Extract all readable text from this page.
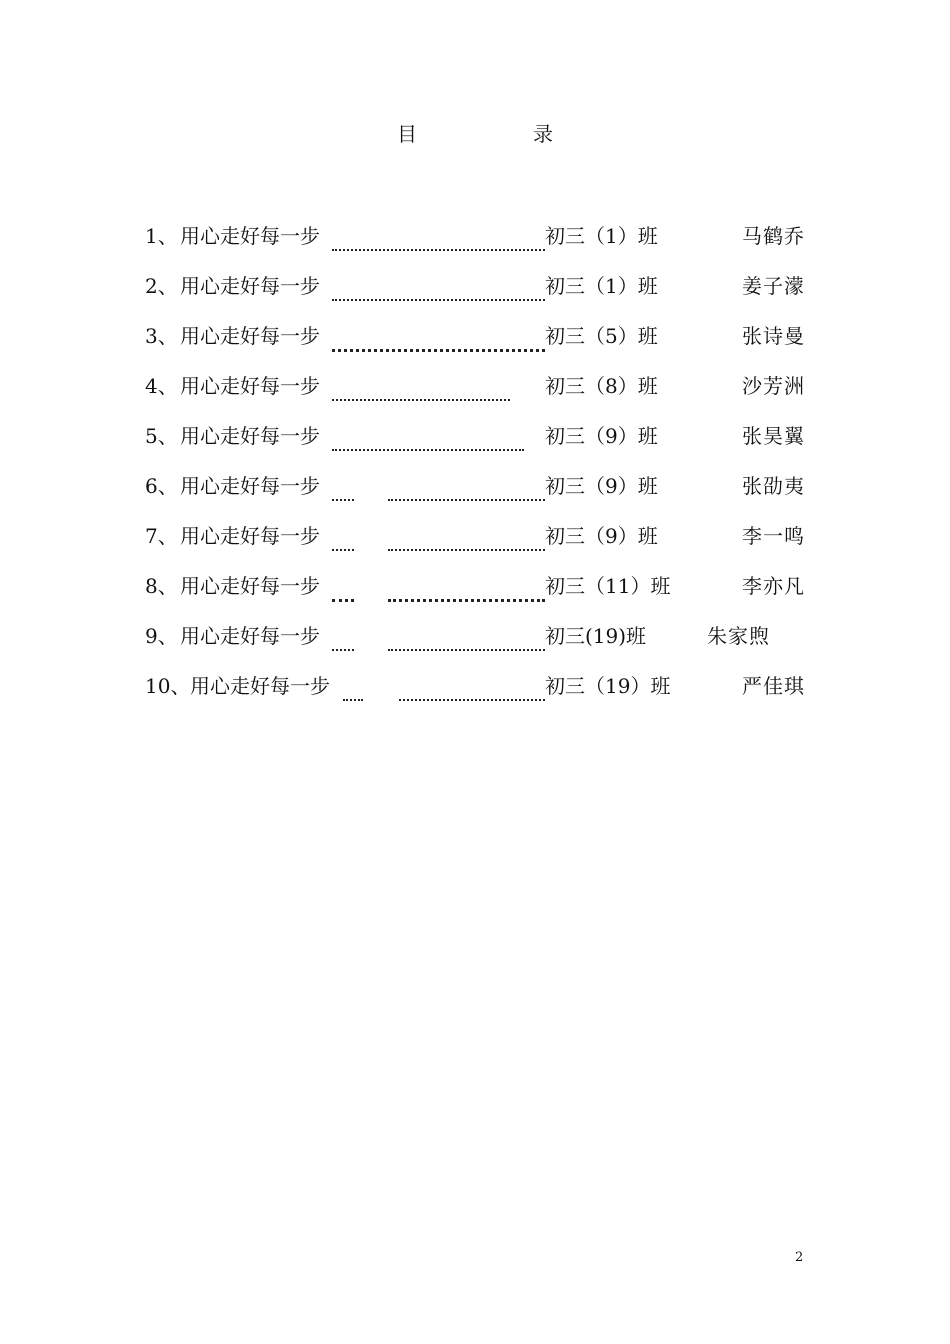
目　录
1、 用心走好每一步	初三（1）班	马鹤乔
2、 用心走好每一步	初三（1）班	姜子濛
3、 用心走好每一步	初三（5）班	张诗曼
4、 用心走好每一步	初三（8）班	沙芳洲
5、 用心走好每一步	初三（9）班	张昊翼
6、 用心走好每一步	初三（9）班	张劭夷
7、 用心走好每一步	初三（9）班	李一鸣
8、 用心走好每一步	初三（11）班	李亦凡
9、 用心走好每一步	初三(19)班	朱家煦
10、 用心走好每一步	初三（19）班	严佳琪
2
